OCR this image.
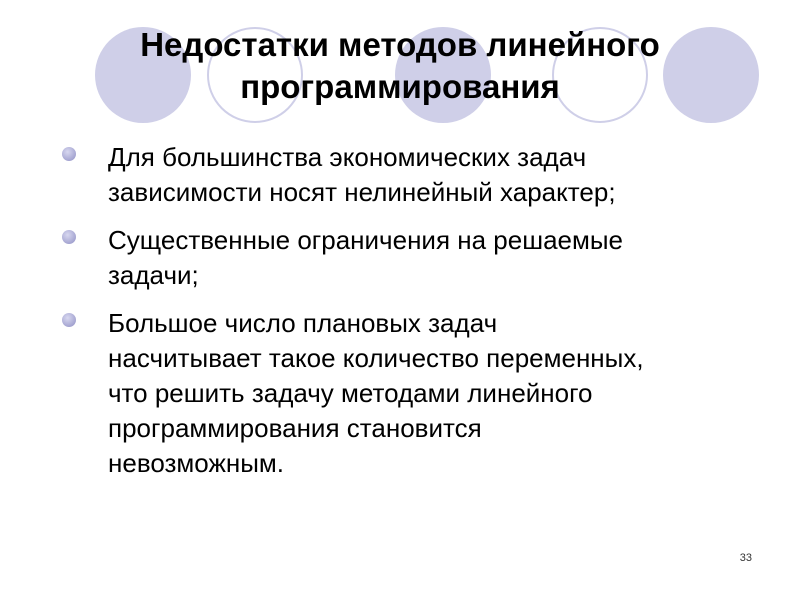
Недостатки методов линейного
программирования
Для большинства экономических задач
зависимости носят нелинейный характер;
Существенные ограничения на решаемые
задачи;
Большое число плановых задач
насчитывает такое количество переменных,
что решить задачу методами линейного
программирования становится
невозможным.
33
